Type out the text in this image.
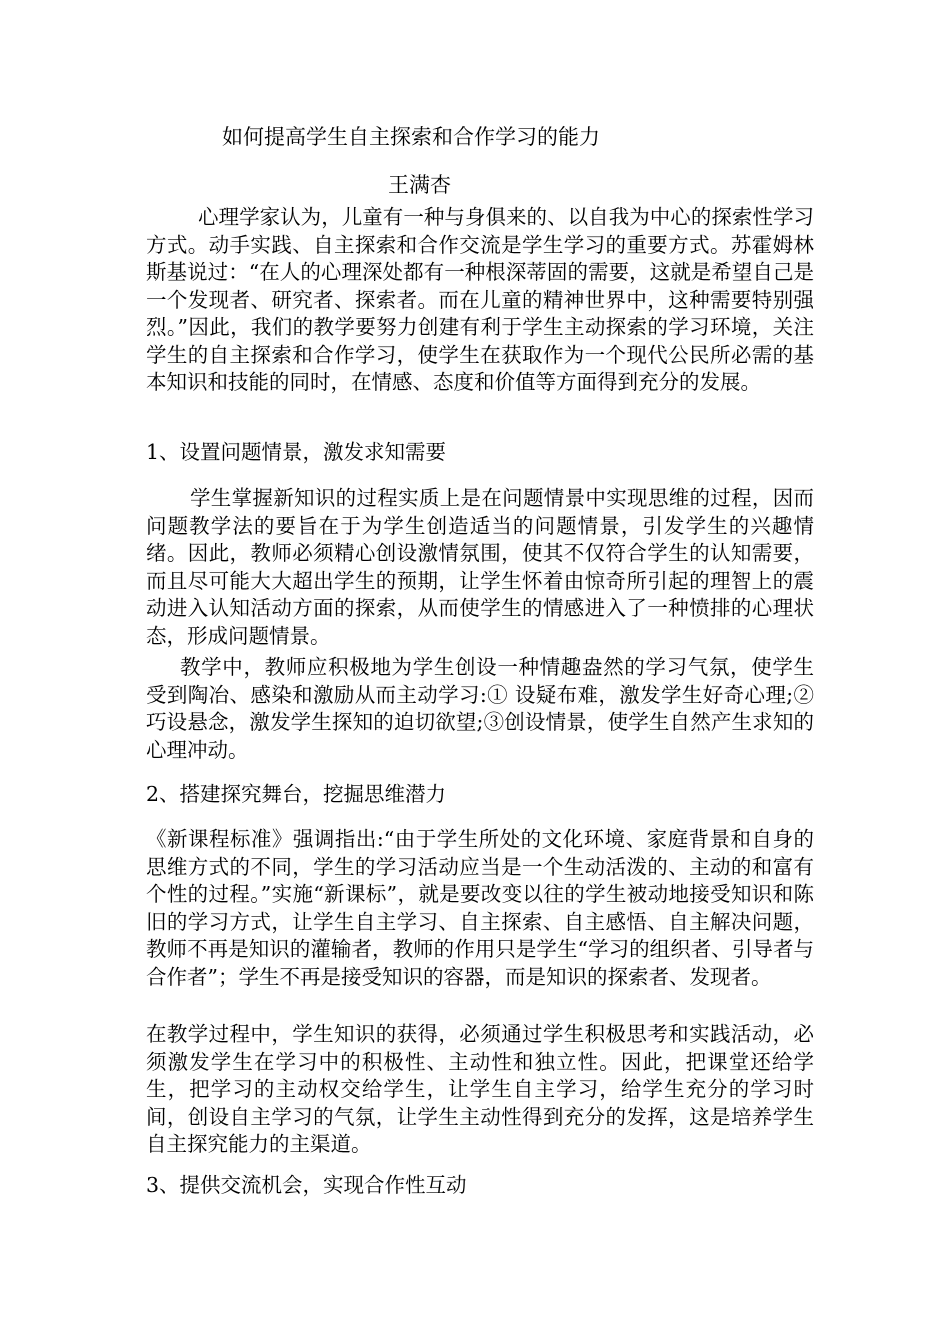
如何提高学生自主探索和合作学习的能力
王满杏

心理学家认为，儿童有一种与身俱来的、以自我为中心的探索性学习方式。动手实践、自主探索和合作交流是学生学习的重要方式。苏霍姆林斯基说过：“在人的心理深处都有一种根深蒂固的需要，这就是希望自己是一个发现者、研究者、探索者。而在儿童的精神世界中，这种需要特别强烈。”因此，我们的教学要努力创建有利于学生主动探索的学习环境，关注学生的自主探索和合作学习，使学生在获取作为一个现代公民所必需的基本知识和技能的同时，在情感、态度和价值等方面得到充分的发展。

1、设置问题情景，激发求知需要

学生掌握新知识的过程实质上是在问题情景中实现思维的过程，因而问题教学法的要旨在于为学生创造适当的问题情景，引发学生的兴趣情绪。因此，教师必须精心创设激情氛围，使其不仅符合学生的认知需要，而且尽可能大大超出学生的预期，让学生怀着由惊奇所引起的理智上的震动进入认知活动方面的探索，从而使学生的情感进入了一种愤排的心理状态，形成问题情景。

教学中，教师应积极地为学生创设一种情趣盎然的学习气氛，使学生受到陶冶、感染和激励从而主动学习:① 设疑布难，激发学生好奇心理;②巧设悬念，激发学生探知的迫切欲望;③创设情景，使学生自然产生求知的心理冲动。

2、搭建探究舞台，挖掘思维潜力

《新课程标准》强调指出:“由于学生所处的文化环境、家庭背景和自身的思维方式的不同，学生的学习活动应当是一个生动活泼的、主动的和富有个性的过程。”实施“新课标”，就是要改变以往的学生被动地接受知识和陈旧的学习方式，让学生自主学习、自主探索、自主感悟、自主解决问题，教师不再是知识的灌输者，教师的作用只是学生“学习的组织者、引导者与合作者”；学生不再是接受知识的容器，而是知识的探索者、发现者。

在教学过程中，学生知识的获得，必须通过学生积极思考和实践活动，必须激发学生在学习中的积极性、主动性和独立性。因此，把课堂还给学生，把学习的主动权交给学生，让学生自主学习，给学生充分的学习时间，创设自主学习的气氛，让学生主动性得到充分的发挥，这是培养学生自主探究能力的主渠道。

3、提供交流机会，实现合作性互动
